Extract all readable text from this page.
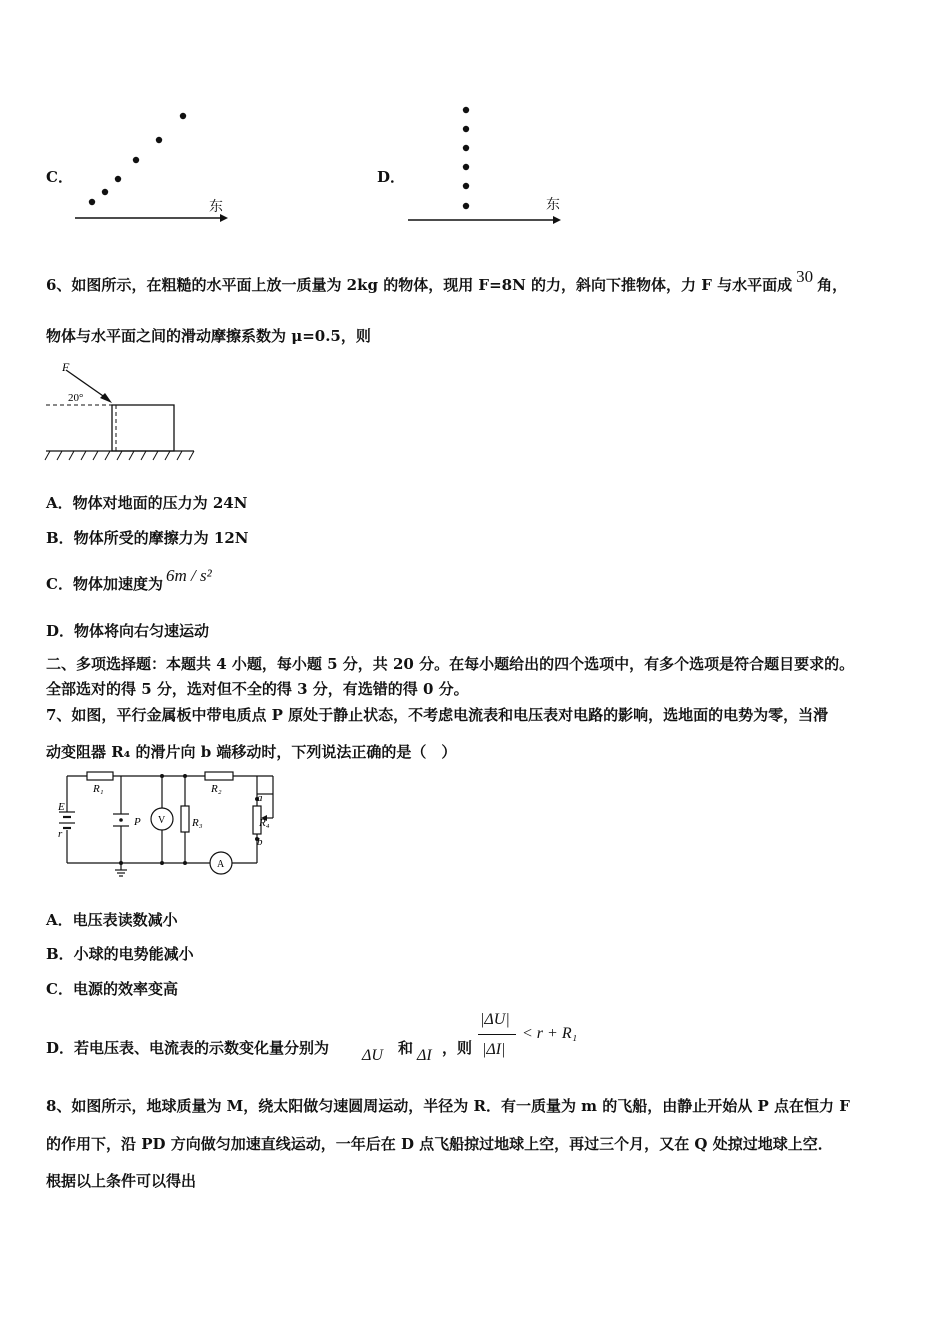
C．
东
D．
东
6、如图所示，在粗糙的水平面上放一质量为 2kg 的物体，现用 F=8N 的力，斜向下推物体，力 F 与水平面成 30 角，
物体与水平面之间的滑动摩擦系数为 μ=0.5，则
F
20°
A．物体对地面的压力为 24N
B．物体所受的摩擦力为 12N
C．物体加速度为 6m / s²
D．物体将向右匀速运动
二、多项选择题：本题共 4 小题，每小题 5 分，共 20 分。在每小题给出的四个选项中，有多个选项是符合题目要求的。
全部选对的得 5 分，选对但不全的得 3 分，有选错的得 0 分。
7、如图，平行金属板中带电质点 P 原处于静止状态，不考虑电流表和电压表对电路的影响，选地面的电势为零，当滑
动变阻器 R₄ 的滑片向 b 端移动时，下列说法正确的是（　）
E
r
R₁	R₂
R₃	R₄
P V
A
a
b
A．电压表读数减小
B．小球的电势能减小
C．电源的效率变高
D．若电压表、电流表的示数变化量分别为 ΔU 和 ΔI ，则
|ΔU|
|ΔI|
< r + R₁
8、如图所示，地球质量为 M，绕太阳做匀速圆周运动，半径为 R．有一质量为 m 的飞船，由静止开始从 P 点在恒力 F
的作用下，沿 PD 方向做匀加速直线运动，一年后在 D 点飞船掠过地球上空，再过三个月，又在 Q 处掠过地球上空．
根据以上条件可以得出
